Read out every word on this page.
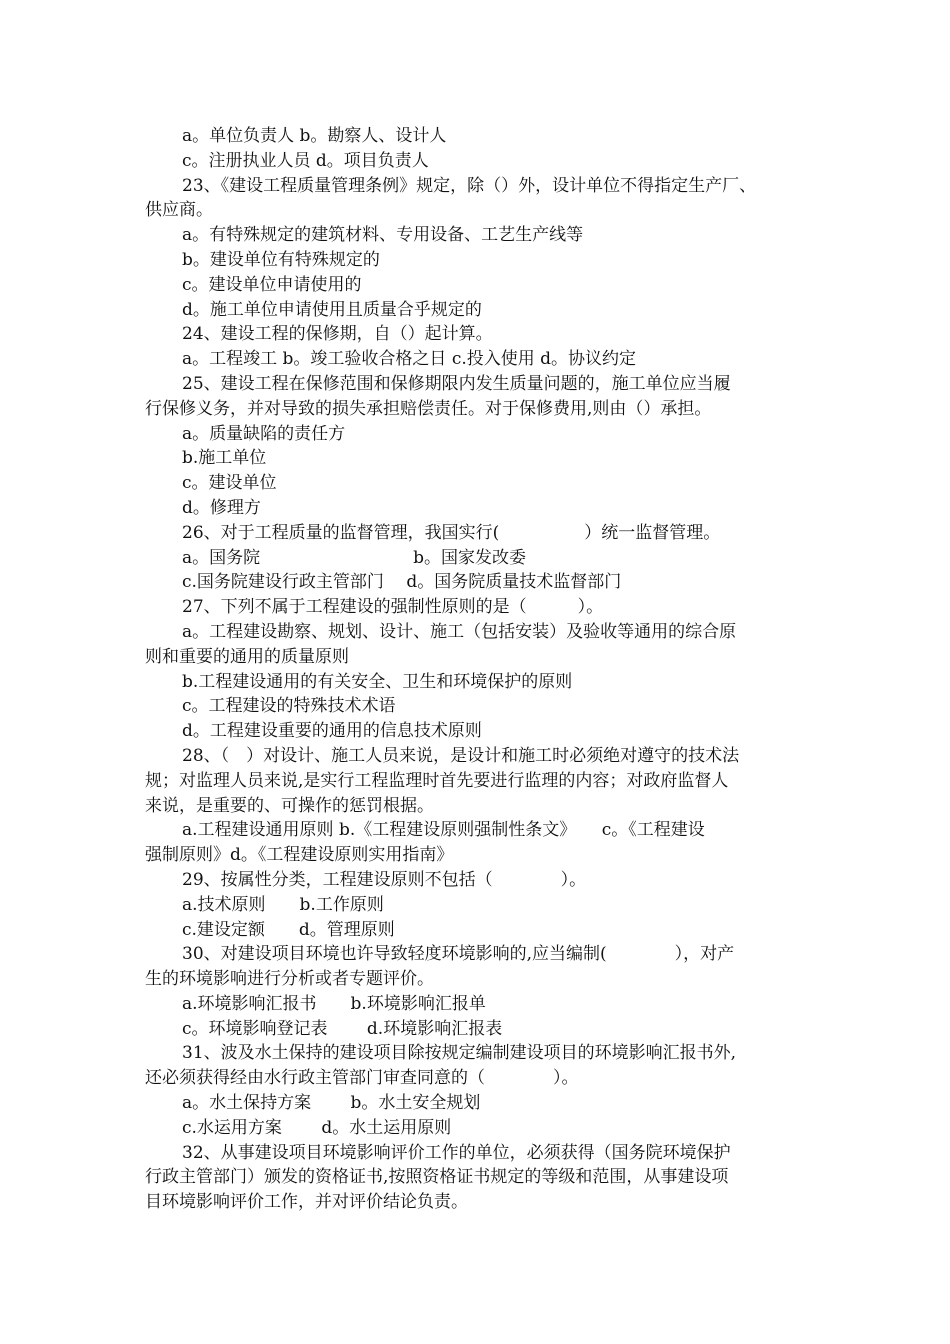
a。单位负责人 b。勘察人、设计人
c。注册执业人员 d。项目负责人
23、《建设工程质量管理条例》规定，除（）外，设计单位不得指定生产厂、
供应商。
a。有特殊规定的建筑材料、专用设备、工艺生产线等
b。建设单位有特殊规定的
c。建设单位申请使用的
d。施工单位申请使用且质量合乎规定的
24、建设工程的保修期，自（）起计算。
a。工程竣工 b。竣工验收合格之日 c.投入使用 d。协议约定
25、建设工程在保修范围和保修期限内发生质量问题的，施工单位应当履
行保修义务，并对导致的损失承担赔偿责任。对于保修费用,则由（）承担。
a。质量缺陷的责任方
b.施工单位
c。建设单位
d。修理方
26、对于工程质量的监督管理，我国实行(　　　　　）统一监督管理。
a。国务院　　　　　　　　　b。国家发改委
c.国务院建设行政主管部门　 d。国务院质量技术监督部门
27、下列不属于工程建设的强制性原则的是（　　　）。
a。工程建设勘察、规划、设计、施工（包括安装）及验收等通用的综合原
则和重要的通用的质量原则
b.工程建设通用的有关安全、卫生和环境保护的原则
c。工程建设的特殊技术术语
d。工程建设重要的通用的信息技术原则
28、（　）对设计、施工人员来说，是设计和施工时必须绝对遵守的技术法
规；对监理人员来说,是实行工程监理时首先要进行监理的内容；对政府监督人
来说，是重要的、可操作的惩罚根据。
a.工程建设通用原则 b.《工程建设原则强制性条文》　　c。《工程建设
强制原则》d。《工程建设原则实用指南》
29、按属性分类，工程建设原则不包括（　　　　）。
a.技术原则　　b.工作原则
c.建设定额　　d。管理原则
30、对建设项目环境也许导致轻度环境影响的,应当编制(　　　　），对产
生的环境影响进行分析或者专题评价。
a.环境影响汇报书　　b.环境影响汇报单
c。环境影响登记表　　 d.环境影响汇报表
31、波及水土保持的建设项目除按规定编制建设项目的环境影响汇报书外,
还必须获得经由水行政主管部门审查同意的（　　　　）。
a。水土保持方案　　 b。水土安全规划
c.水运用方案　　 d。水土运用原则
32、从事建设项目环境影响评价工作的单位，必须获得（国务院环境保护
行政主管部门）颁发的资格证书,按照资格证书规定的等级和范围，从事建设项
目环境影响评价工作，并对评价结论负责。
